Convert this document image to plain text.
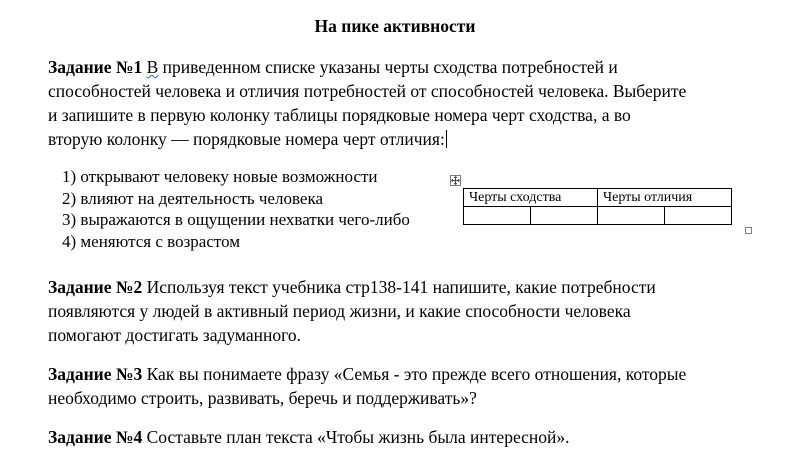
На пике активности
Задание №1 В приведенном списке указаны черты сходства потребностей и
способностей человека и отличия потребностей от способностей человека. Выберите
и запишите в первую колонку таблицы порядковые номера черт сходства, а во
вторую колонку — порядковые номера черт отличия:
1) открывают человеку новые возможности
2) влияют на деятельность человека
3) выражаются в ощущении нехватки чего-либо
4) меняются с возрастом
Черты сходства		Черты отличия	

Задание №2 Используя текст учебника стр138-141 напишите, какие потребности
появляются у людей в активный период жизни, и какие способности человека
помогают достигать задуманного.
Задание №3 Как вы понимаете фразу «Семья - это прежде всего отношения, которые
необходимо строить, развивать, беречь и поддерживать»?
Задание №4 Составьте план текста «Чтобы жизнь была интересной».
